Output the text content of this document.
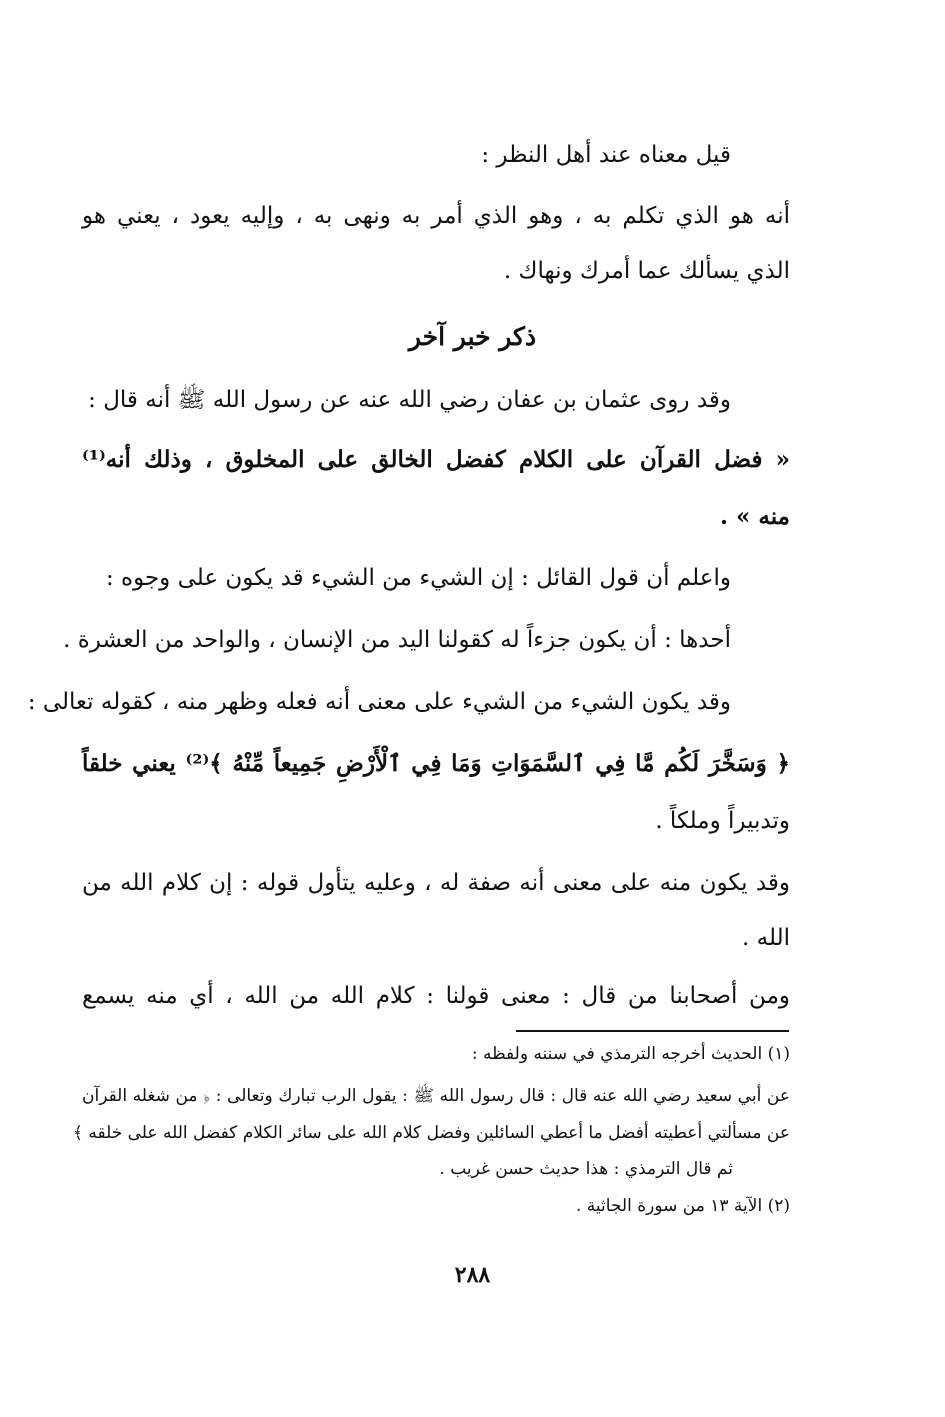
قيل معناه عند أهل النظر :
أنه هو الذي تكلم به ، وهو الذي أمر به ونهى به ، وإليه يعود ، يعني هو
الذي يسألك عما أمرك ونهاك .
ذكر خبر آخر
وقد روى عثمان بن عفان رضي الله عنه عن رسول الله ﷺ أنه قال :
« فضل القرآن على الكلام كفضل الخالق على المخلوق ، وذلك أنه⁽¹⁾
منه » .
واعلم أن قول القائل : إن الشيء من الشيء قد يكون على وجوه :
أحدها : أن يكون جزءاً له كقولنا اليد من الإنسان ، والواحد من العشرة .
وقد يكون الشيء من الشيء على معنى أنه فعله وظهر منه ، كقوله تعالى :
﴿ وَسَخَّرَ لَكُم مَّا فِي ٱلسَّمَوَاتِ وَمَا فِي ٱلْأَرْضِ جَمِيعاً مِّنْهُ ﴾⁽²⁾ يعني خلقاً
وتدبيراً وملكاً .
وقد يكون منه على معنى أنه صفة له ، وعليه يتأول قوله : إن كلام الله من
الله .
ومن أصحابنا من قال : معنى قولنا : كلام الله من الله ، أي منه يسمع
(١) الحديث أخرجه الترمذي في سننه ولفظه :
عن أبي سعيد رضي الله عنه قال : قال رسول الله ﷺ : يقول الرب تبارك وتعالى : ﴿ من شغله القرآن
عن مسألتي أعطيته أفضل ما أعطي السائلين وفضل كلام الله على سائر الكلام كفضل الله على خلقه ﴾
ثم قال الترمذي : هذا حديث حسن غريب .
(٢) الآية ١٣ من سورة الجاثية .
٢٨٨
